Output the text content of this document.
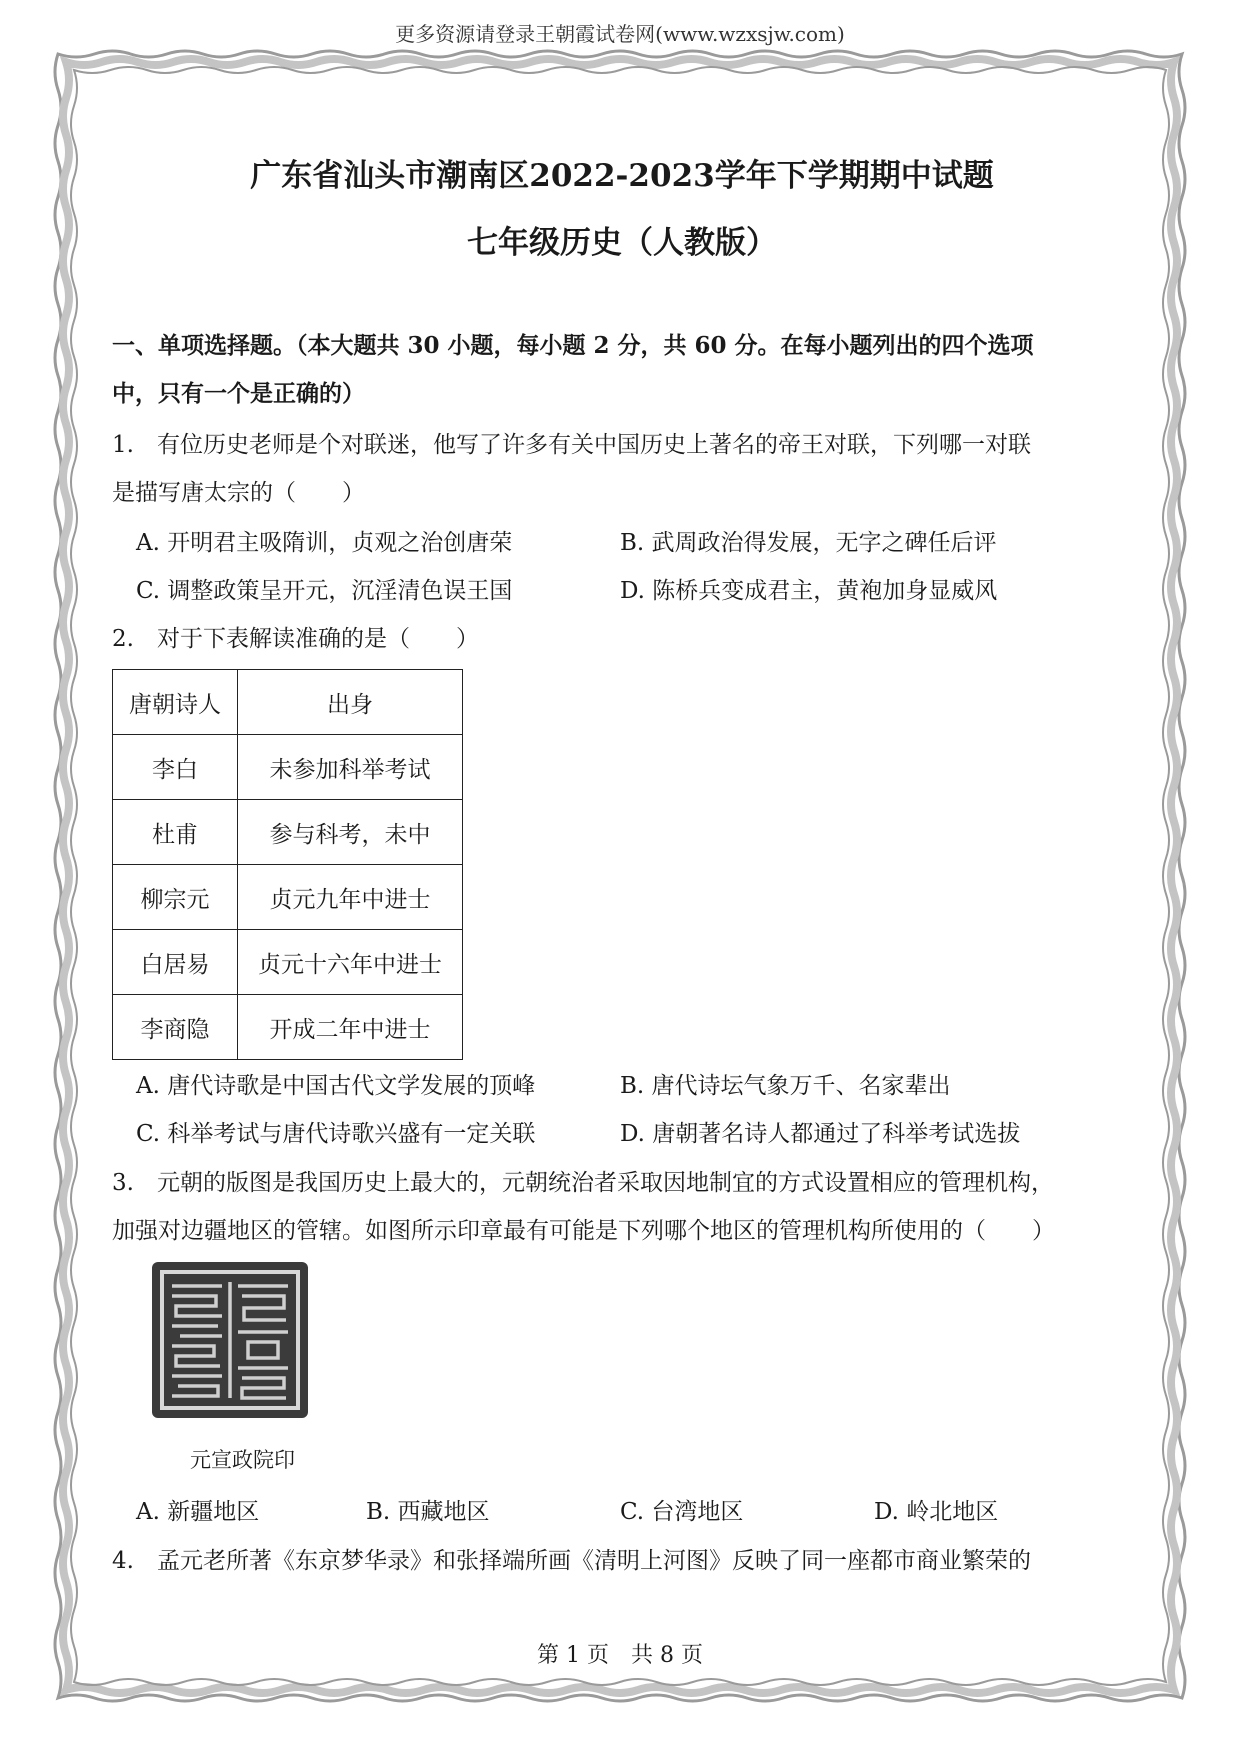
更多资源请登录王朝霞试卷网(www.wzxsjw.com)
广东省汕头市潮南区2022-2023学年下学期期中试题
七年级历史（人教版）
一、单项选择题。（本大题共 30 小题，每小题 2 分，共 60 分。在每小题列出的四个选项
中，只有一个是正确的）
1.　有位历史老师是个对联迷，他写了许多有关中国历史上著名的帝王对联，下列哪一对联
是描写唐太宗的（　　）
A. 开明君主吸隋训，贞观之治创唐荣	B. 武周政治得发展，无字之碑任后评
C. 调整政策呈开元，沉淫清色误王国	D. 陈桥兵变成君主，黄袍加身显威风
2.　对于下表解读准确的是（　　）
唐朝诗人	出身
李白	未参加科举考试
杜甫	参与科考，未中
柳宗元	贞元九年中进士
白居易	贞元十六年中进士
李商隐	开成二年中进士
A. 唐代诗歌是中国古代文学发展的顶峰	B. 唐代诗坛气象万千、名家辈出
C. 科举考试与唐代诗歌兴盛有一定关联	D. 唐朝著名诗人都通过了科举考试选拔
3.　元朝的版图是我国历史上最大的，元朝统治者采取因地制宜的方式设置相应的管理机构，
加强对边疆地区的管辖。如图所示印章最有可能是下列哪个地区的管理机构所使用的（　　）
元宣政院印
A. 新疆地区	B. 西藏地区	C. 台湾地区	D. 岭北地区
4.　孟元老所著《东京梦华录》和张择端所画《清明上河图》反映了同一座都市商业繁荣的
第 1 页　共 8 页
